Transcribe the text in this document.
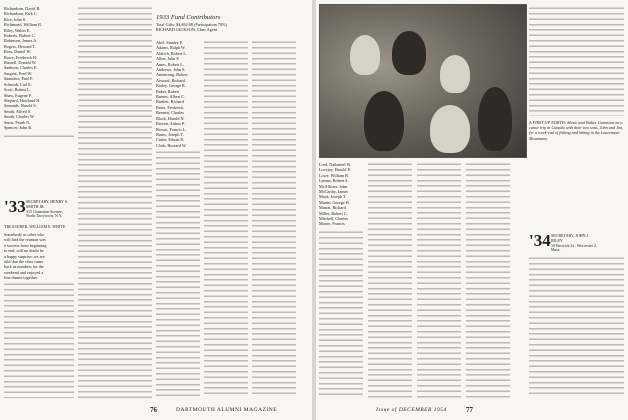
Richardson, David B.
Richardson, Kirk L.
Rice, John S.
Richmond, William B.
Riley, Walter E.
Roberts, Robert C.
Robinson, James A.
Rogers, Howard T.
Ross, Daniel W.
Rowe, Frederick H.
Russell, Donald W.
Sanborn, Charles E.
Sargent, Fred W.
Saunders, Paul F.
Schmidt, Carl E.
Scott, Robert L.
Shaw, Eugene F.
Shepard, Howland H.
Simonds, Harold S.
Smith, Alfred S.
Smith, Charles W.
Snow, Frank N.
Spencer, John R.
'33 SECRETARY, HENRY S. SMITH JR.
315 Gramatan Avenue,
North Tarrytown, N.Y.
TREASURER, WILLIAM E. WHITE
Somebody or other who
will find the reunion was
a success from beginning
to end, will no doubt be
a happy surprise; we are
told that the class came
back in numbers for the
weekend and enjoyed a
fine dinner together.
1933 Fund Contributors
Total Gifts: $4,462.08 (Participation 70%)
RICHARD JACKSON, Class Agent
Abel, Stanley F.
Adams, Ralph W.
Aldrich, Robert L.
Allen, John F.
Ames, Robert L.
Andrews, John S.
Armstrong, Robert
Atwood, Richard
Bailey, George R.
Baker, Robert
Barnes, Albert C.
Bartlett, Richard
Bates, Frederick
Bennett, Charles
Black, Harold N.
Bowen, Arthur P.
Brown, Francis L.
Burns, Joseph T.
Carter, Edwin R.
Clark, Howard W.
76	DARTMOUTH ALUMNI MAGAZINE
A FIRST UP NORTH: Marie and Walter Gunnison on a canoe trip in Canada with their two sons, John and Jim, for a week-end of fishing and hiking in the Laurentian Mountains.
Lord, Nathaniel W.
Lovejoy, Harold P.
Lowe, William B.
Lyman, Robert S.
McAllister, John
McCarthy, James
Mack, Joseph T.
Martin, George H.
Mason, Richard
Miller, Robert C.
Mitchell, Charles
Moore, Francis
'34 SECRETARY, JOHN J. RILEY
10 Berwick St., Worcester 2, Mass.
Issue of DECEMBER 1954	77
